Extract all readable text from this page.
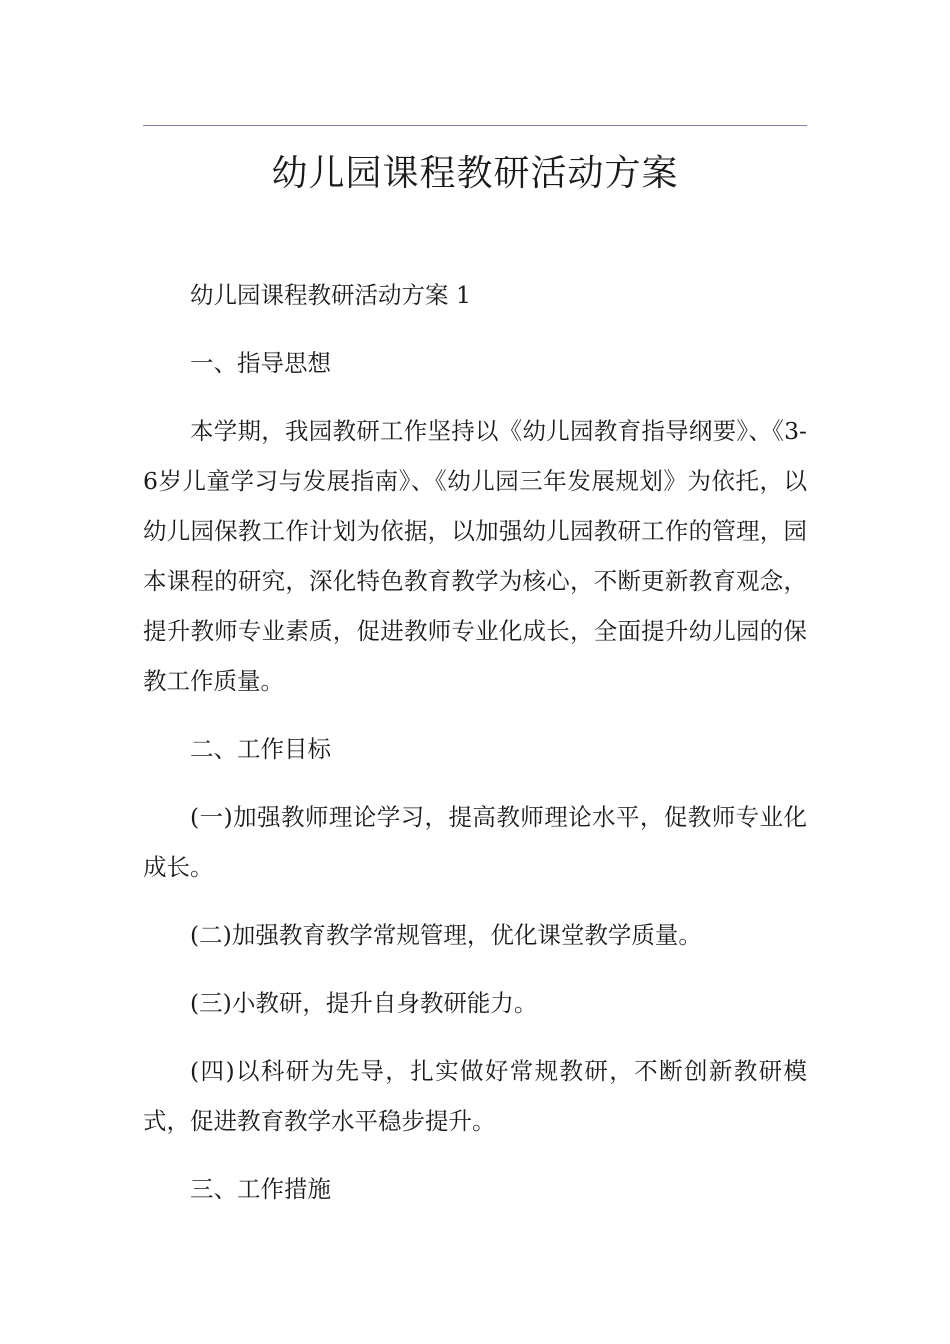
幼儿园课程教研活动方案

幼儿园课程教研活动方案 1

一、指导思想

本学期，我园教研工作坚持以《幼儿园教育指导纲要》、《3-6岁儿童学习与发展指南》、《幼儿园三年发展规划》为依托，以幼儿园保教工作计划为依据，以加强幼儿园教研工作的管理，园本课程的研究，深化特色教育教学为核心，不断更新教育观念，提升教师专业素质，促进教师专业化成长，全面提升幼儿园的保教工作质量。

二、工作目标

(一)加强教师理论学习，提高教师理论水平，促教师专业化成长。

(二)加强教育教学常规管理，优化课堂教学质量。

(三)小教研，提升自身教研能力。

(四)以科研为先导，扎实做好常规教研，不断创新教研模式，促进教育教学水平稳步提升。

三、工作措施
